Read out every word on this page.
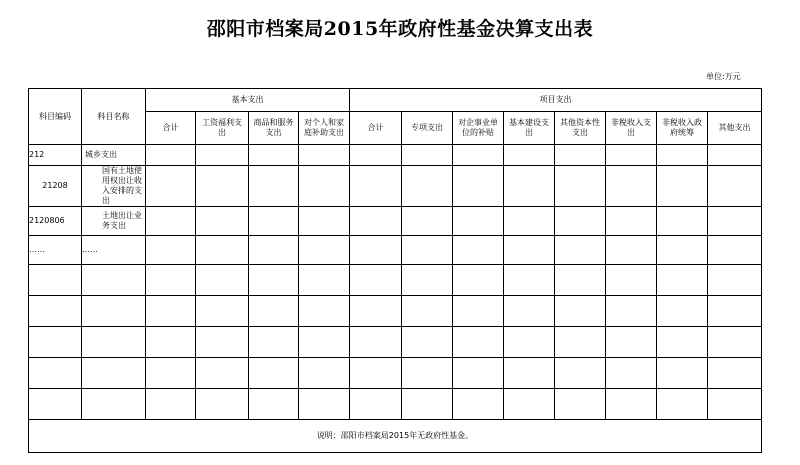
邵阳市档案局2015年政府性基金决算支出表
单位:万元
科目编码	科目名称	基本支出				项目支出							
		合计	工资福利支出	商品和服务支出	对个人和家庭补助支出	合计	专项支出	对企事业单位的补贴	基本建设支出	其他资本性支出	非税收入支出	非税收入政府统筹	其他支出

212	城乡支出												

21208	国有土地使用权出让收入安排的支出												

2120806	土地出让业务支出												

……	……												

说明：邵阳市档案局2015年无政府性基金。													
